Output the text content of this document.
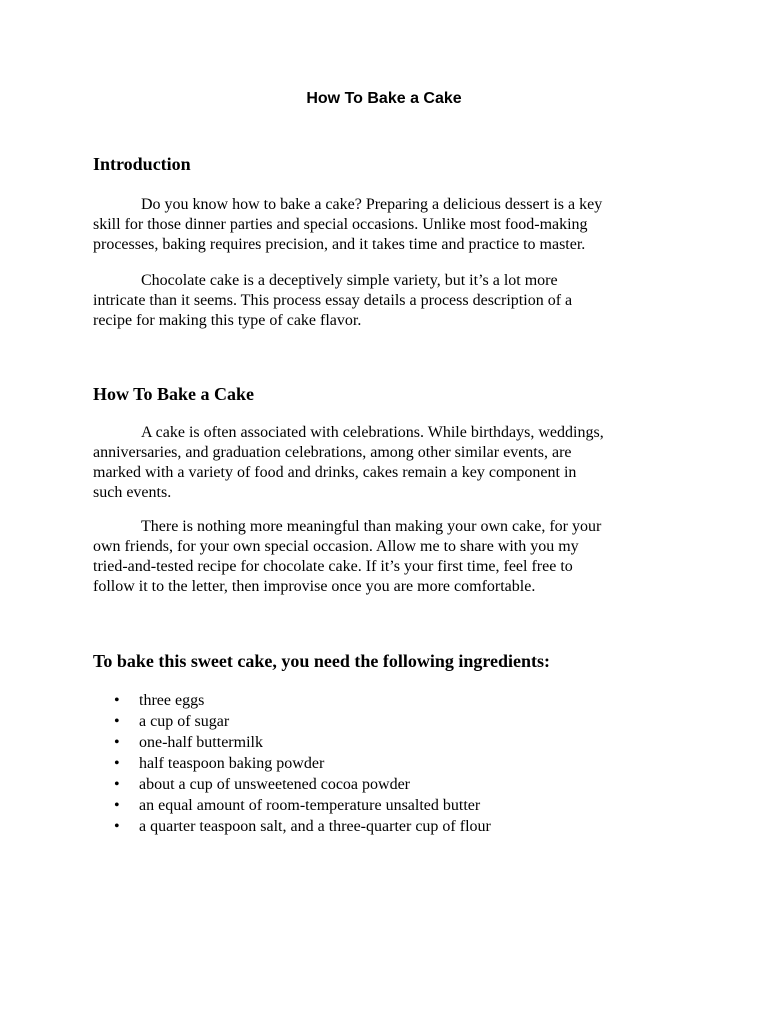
How To Bake a Cake
Introduction

Do you know how to bake a cake? Preparing a delicious dessert is a key
skill for those dinner parties and special occasions. Unlike most food-making
processes, baking requires precision, and it takes time and practice to master.

Chocolate cake is a deceptively simple variety, but it’s a lot more
intricate than it seems. This process essay details a process description of a
recipe for making this type of cake flavor.

How To Bake a Cake

A cake is often associated with celebrations. While birthdays, weddings,
anniversaries, and graduation celebrations, among other similar events, are
marked with a variety of food and drinks, cakes remain a key component in
such events.

There is nothing more meaningful than making your own cake, for your
own friends, for your own special occasion. Allow me to share with you my
tried-and-tested recipe for chocolate cake. If it’s your first time, feel free to
follow it to the letter, then improvise once you are more comfortable.

To bake this sweet cake, you need the following ingredients:
• three eggs
• a cup of sugar
• one-half buttermilk
• half teaspoon baking powder
• about a cup of unsweetened cocoa powder
• an equal amount of room-temperature unsalted butter
• a quarter teaspoon salt, and a three-quarter cup of flour
